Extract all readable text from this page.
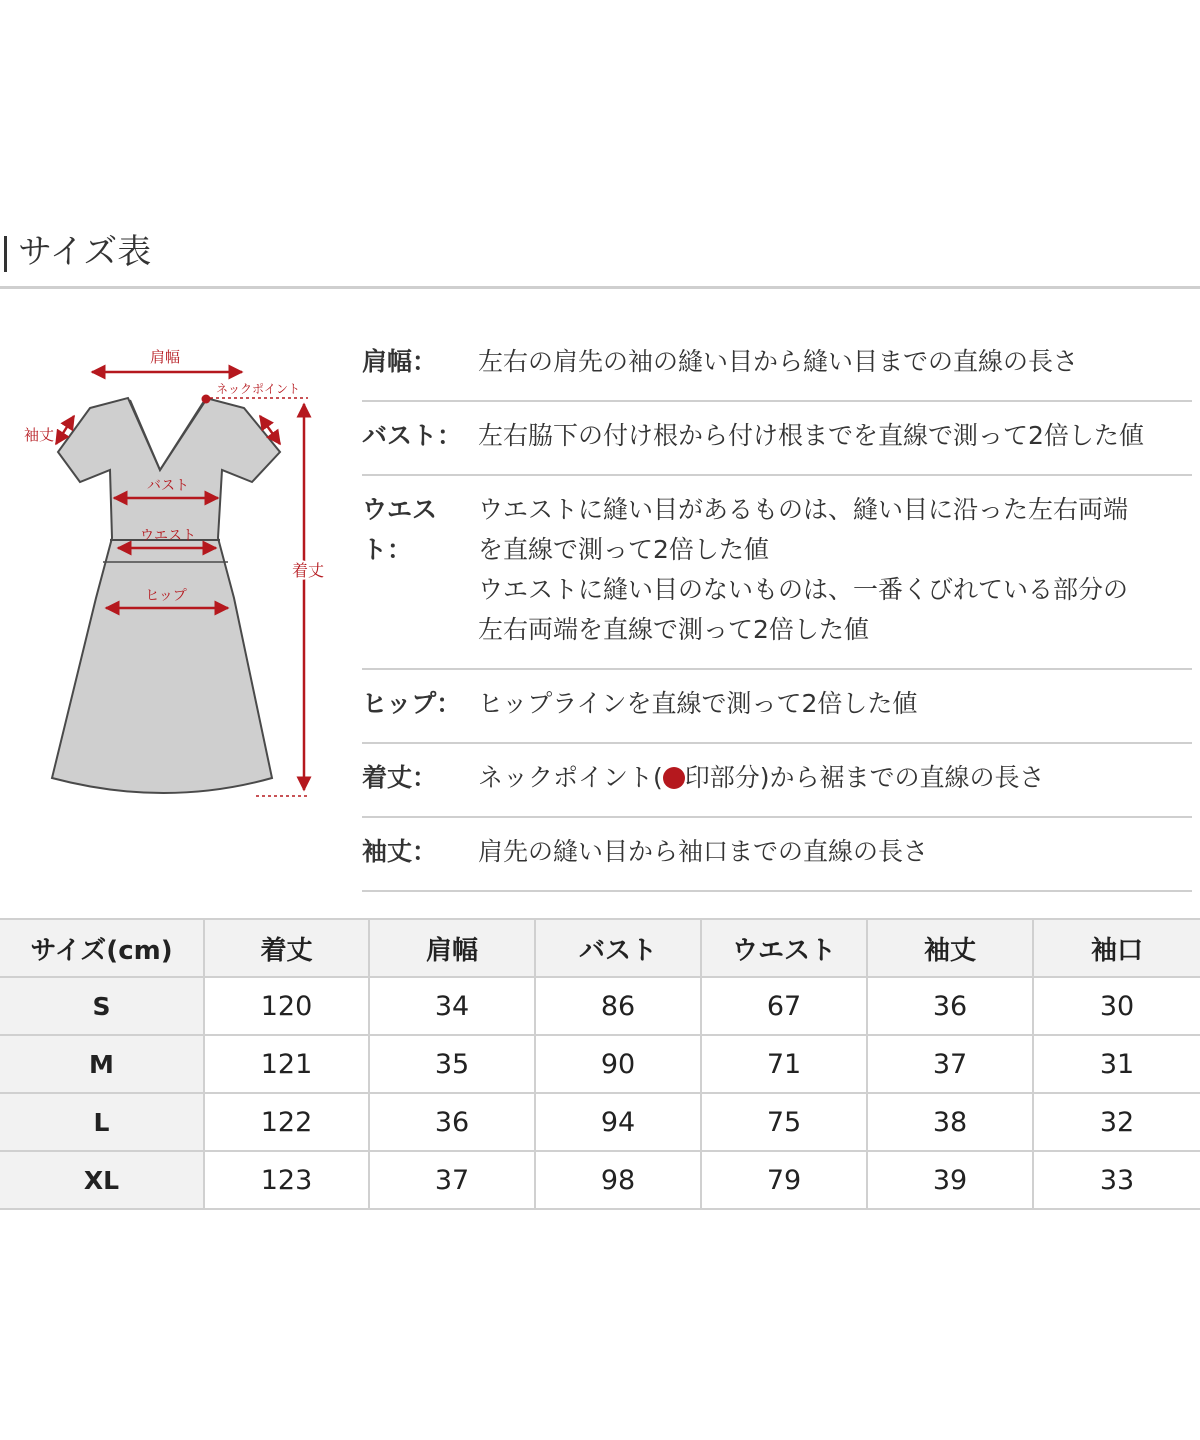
サイズ表
肩幅
ネックポイント
袖丈
バスト
ウエスト
ヒップ
着丈
肩幅：	左右の肩先の袖の縫い目から縫い目までの直線の長さ
バスト： 左右脇下の付け根から付け根までを直線で測って2倍した値
ウエスト：
ウエストに縫い目があるものは、縫い目に沿った左右両端
を直線で測って2倍した値
ウエストに縫い目のないものは、一番くびれている部分の
左右両端を直線で測って2倍した値
ヒップ： ヒップラインを直線で測って2倍した値
着丈：	ネックポイント( 印部分)から裾までの直線の長さ
袖丈：	肩先の縫い目から袖口までの直線の長さ
サイズ(cm)	着丈	肩幅	バスト	ウエスト	袖丈	袖口
S	120	34	86	67	36	30
M	121	35	90	71	37	31
L	122	36	94	75	38	32
XL	123	37	98	79	39	33
